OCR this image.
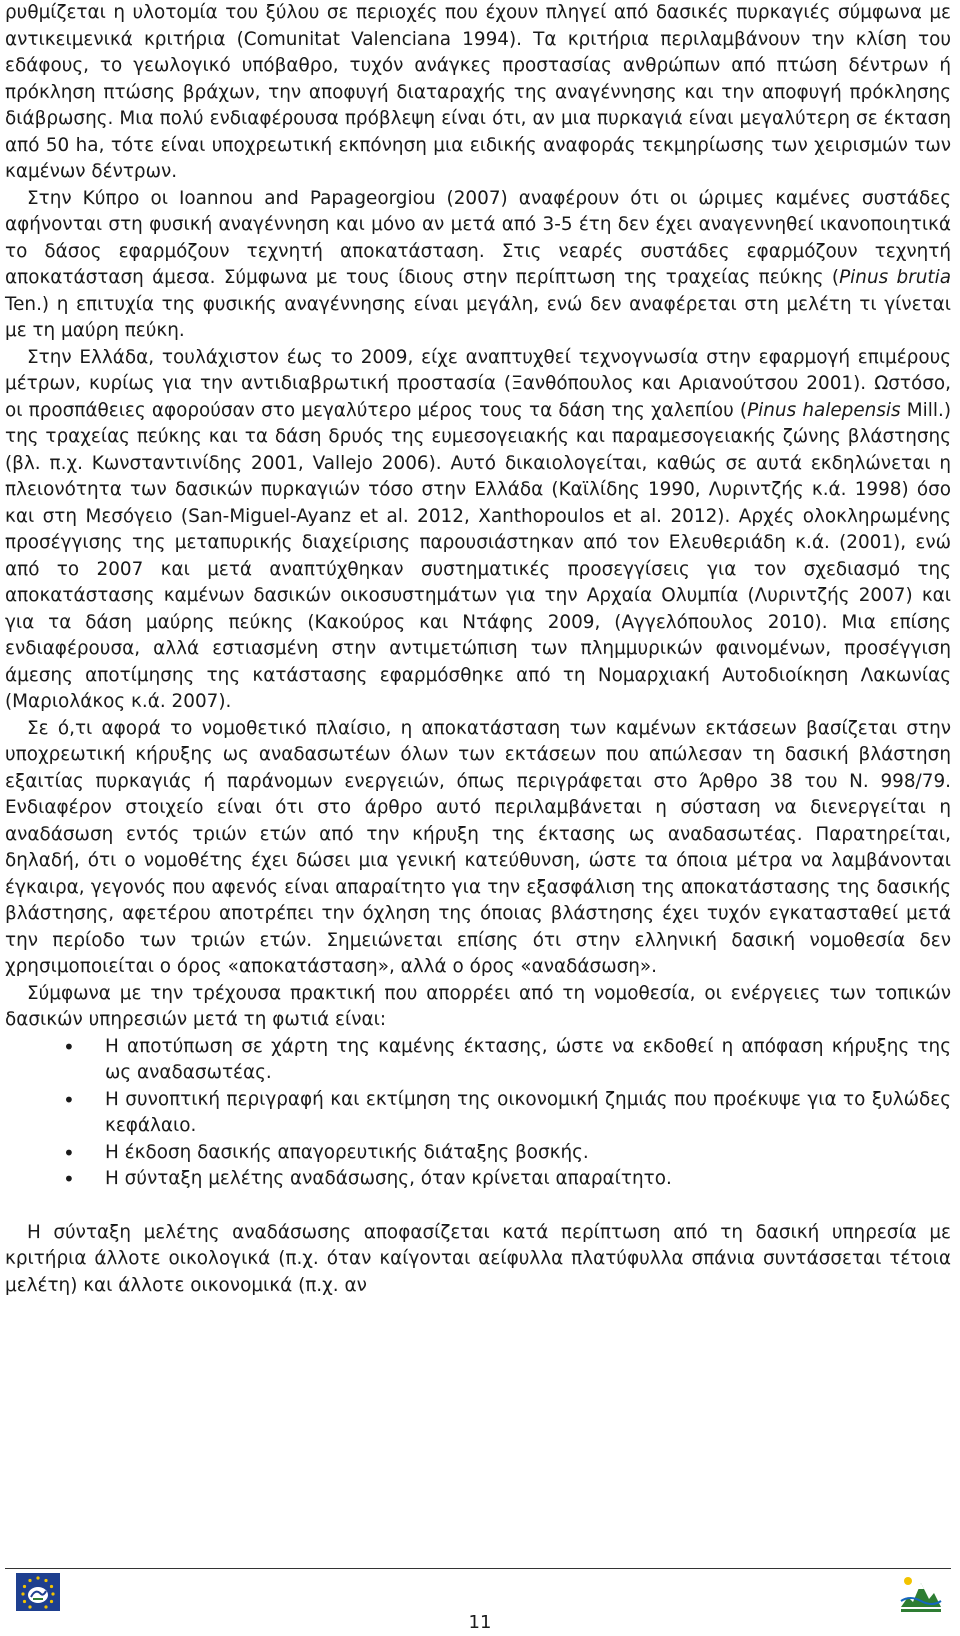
ρυθμίζεται η υλοτομία του ξύλου σε περιοχές που έχουν πληγεί από δασικές πυρκαγιές σύμφωνα με αντικειμενικά κριτήρια (Comunitat Valenciana 1994). Τα κριτήρια περιλαμβάνουν την κλίση του εδάφους, το γεωλογικό υπόβαθρο, τυχόν ανάγκες προστασίας ανθρώπων από πτώση δέντρων ή πρόκληση πτώσης βράχων, την αποφυγή διαταραχής της αναγέννησης και την αποφυγή πρόκλησης διάβρωσης. Μια πολύ ενδιαφέρουσα πρόβλεψη είναι ότι, αν μια πυρκαγιά είναι μεγαλύτερη σε έκταση από 50 ha, τότε είναι υποχρεωτική εκπόνηση μια ειδικής αναφοράς τεκμηρίωσης των χειρισμών των καμένων δέντρων.

Στην Κύπρο οι Ioannou and Papageorgiou (2007) αναφέρουν ότι οι ώριμες καμένες συστάδες αφήνονται στη φυσική αναγέννηση και μόνο αν μετά από 3-5 έτη δεν έχει αναγεννηθεί ικανοποιητικά το δάσος εφαρμόζουν τεχνητή αποκατάσταση. Στις νεαρές συστάδες εφαρμόζουν τεχνητή αποκατάσταση άμεσα. Σύμφωνα με τους ίδιους στην περίπτωση της τραχείας πεύκης (Pinus brutia Ten.) η επιτυχία της φυσικής αναγέννησης είναι μεγάλη, ενώ δεν αναφέρεται στη μελέτη τι γίνεται με τη μαύρη πεύκη.

Στην Ελλάδα, τουλάχιστον έως το 2009, είχε αναπτυχθεί τεχνογνωσία στην εφαρμογή επιμέρους μέτρων, κυρίως για την αντιδιαβρωτική προστασία (Ξανθόπουλος και Αριανούτσου 2001). Ωστόσο, οι προσπάθειες αφορούσαν στο μεγαλύτερο μέρος τους τα δάση της χαλεπίου (Pinus halepensis Mill.) της τραχείας πεύκης και τα δάση δρυός της ευμεσογειακής και παραμεσογειακής ζώνης βλάστησης (βλ. π.χ. Κωνσταντινίδης 2001, Vallejo 2006). Αυτό δικαιολογείται, καθώς σε αυτά εκδηλώνεται η πλειονότητα των δασικών πυρκαγιών τόσο στην Ελλάδα (Καϊλίδης 1990, Λυριντζής κ.ά. 1998) όσο και στη Μεσόγειο (San-Miguel-Ayanz et al. 2012, Xanthopoulos et al. 2012). Αρχές ολοκληρωμένης προσέγγισης της μεταπυρικής διαχείρισης παρουσιάστηκαν από τον Ελευθεριάδη κ.ά. (2001), ενώ από το 2007 και μετά αναπτύχθηκαν συστηματικές προσεγγίσεις για τον σχεδιασμό της αποκατάστασης καμένων δασικών οικοσυστημάτων για την Αρχαία Ολυμπία (Λυριντζής 2007) και για τα δάση μαύρης πεύκης (Κακούρος και Ντάφης 2009, (Αγγελόπουλος 2010). Μια επίσης ενδιαφέρουσα, αλλά εστιασμένη στην αντιμετώπιση των πλημμυρικών φαινομένων, προσέγγιση άμεσης αποτίμησης της κατάστασης εφαρμόσθηκε από τη Νομαρχιακή Αυτοδιοίκηση Λακωνίας (Μαριολάκος κ.ά. 2007).

Σε ό,τι αφορά το νομοθετικό πλαίσιο, η αποκατάσταση των καμένων εκτάσεων βασίζεται στην υποχρεωτική κήρυξης ως αναδασωτέων όλων των εκτάσεων που απώλεσαν τη δασική βλάστηση εξαιτίας πυρκαγιάς ή παράνομων ενεργειών, όπως περιγράφεται στο Άρθρο 38 του Ν. 998/79. Ενδιαφέρον στοιχείο είναι ότι στο άρθρο αυτό περιλαμβάνεται η σύσταση να διενεργείται η αναδάσωση εντός τριών ετών από την κήρυξη της έκτασης ως αναδασωτέας. Παρατηρείται, δηλαδή, ότι ο νομοθέτης έχει δώσει μια γενική κατεύθυνση, ώστε τα όποια μέτρα να λαμβάνονται έγκαιρα, γεγονός που αφενός είναι απαραίτητο για την εξασφάλιση της αποκατάστασης της δασικής βλάστησης, αφετέρου αποτρέπει την όχληση της όποιας βλάστησης έχει τυχόν εγκατασταθεί μετά την περίοδο των τριών ετών. Σημειώνεται επίσης ότι στην ελληνική δασική νομοθεσία δεν χρησιμοποιείται ο όρος «αποκατάσταση», αλλά ο όρος «αναδάσωση».

Σύμφωνα με την τρέχουσα πρακτική που απορρέει από τη νομοθεσία, οι ενέργειες των τοπικών δασικών υπηρεσιών μετά τη φωτιά είναι:

• Η αποτύπωση σε χάρτη της καμένης έκτασης, ώστε να εκδοθεί η απόφαση κήρυξης της ως αναδασωτέας.
• Η συνοπτική περιγραφή και εκτίμηση της οικονομική ζημιάς που προέκυψε για το ξυλώδες κεφάλαιο.
• Η έκδοση δασικής απαγορευτικής διάταξης βοσκής.
• Η σύνταξη μελέτης αναδάσωσης, όταν κρίνεται απαραίτητο.

Η σύνταξη μελέτης αναδάσωσης αποφασίζεται κατά περίπτωση από τη δασική υπηρεσία με κριτήρια άλλοτε οικολογικά (π.χ. όταν καίγονται αείφυλλα πλατύφυλλα σπάνια συντάσσεται τέτοια μελέτη) και άλλοτε οικονομικά (π.χ. αν

11
